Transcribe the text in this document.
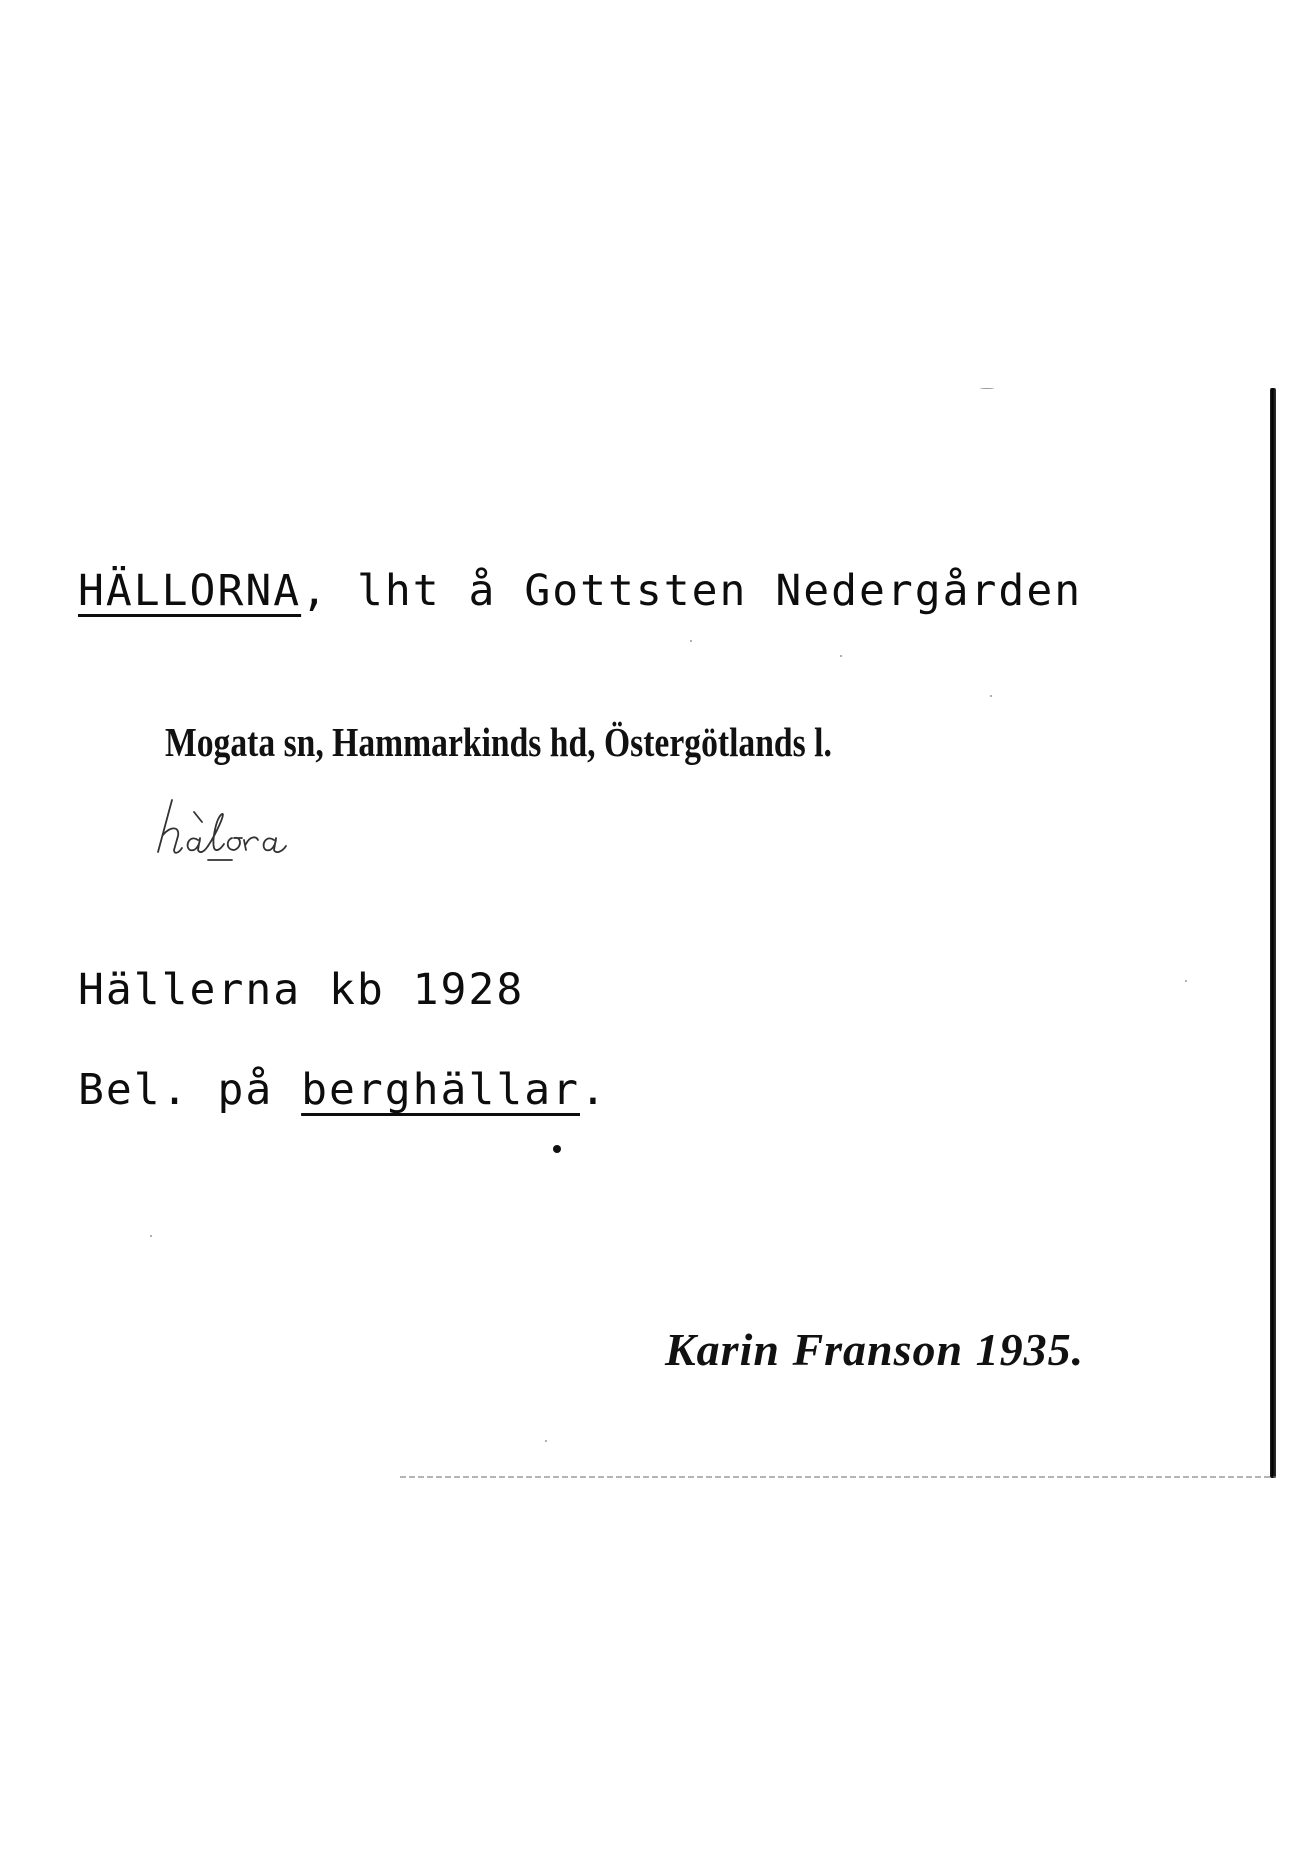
HÄLLORNA, lht å Gottsten Nedergården
Mogata sn, Hammarkinds hd, Östergötlands l.
Hällerna kb 1928
Bel. på berghällar.
Karin Franson 1935.
